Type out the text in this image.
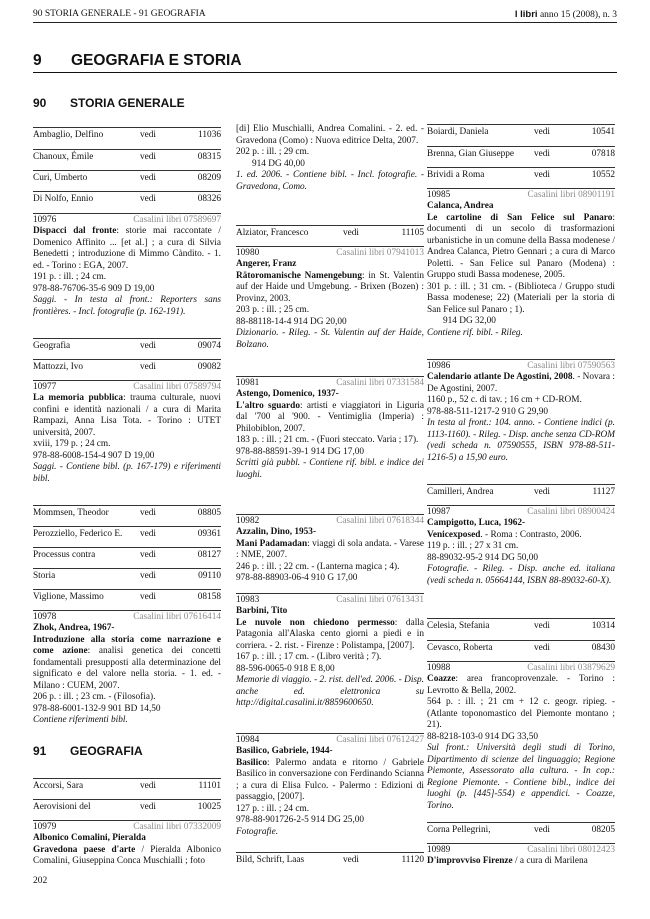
90 STORIA GENERALE - 91 GEOGRAFIA	l libri anno 15 (2008), n. 3
9 GEOGRAFIA E STORIA
90 STORIA GENERALE
Ambaglio, Delfino	vedi	11036
Chanoux, Émile	vedi	08315
Curi, Umberto	vedi	08209
Di Nolfo, Ennio	vedi	08326
10976	Casalini libri 07589697

Dispacci dal fronte: storie mai raccontate / Domenico Affinito ... [et al.] ; a cura di Silvia Benedetti ; introduzione di Mimmo Càndito. - 1. ed. - Torino : EGA, 2007.

191 p. : ill. ; 24 cm.

978-88-76706-35-6 909 D 19,00

Saggi. - In testa al front.: Reporters sans frontières. - Incl. fotografie (p. 162-191).

Geografia	vedi	09074
Mattozzi, Ivo	vedi	09082
10977	Casalini libri 07589794

La memoria pubblica: trauma culturale, nuovi confini e identità nazionali / a cura di Marita Rampazi, Anna Lisa Tota. - Torino : UTET università, 2007.

xviii, 179 p. ; 24 cm.

978-88-6008-154-4 907 D 19,00

Saggi. - Contiene bibl. (p. 167-179) e riferimenti bibl.

Mommsen, Theodor	vedi	08805
Perozziello, Federico E. vedi	09361
Processus contra	vedi	08127
Storia	vedi	09110
Viglione, Massimo	vedi	08158
10978	Casalini libri 07616414

Zhok, Andrea, 1967-

Introduzione alla storia come narrazione e come azione: analisi genetica dei concetti fondamentali presupposti alla determinazione del significato e del valore nella storia. - 1. ed. - Milano : CUEM, 2007.

206 p. : ill. ; 23 cm. - (Filosofia).

978-88-6001-132-9 901 BD 14,50

Contiene riferimenti bibl.

91 GEOGRAFIA
Accorsi, Sara	vedi	11101
Aerovisioni del	vedi	10025
10979	Casalini libri 07332009

Albonico Comalini, Pieralda

Gravedona paese d'arte / Pieralda Albonico Comalini, Giuseppina Conca Muschialli ; foto

202

[di] Elio Muschialli, Andrea Comalini. - 2. ed. - Gravedona (Como) : Nuova editrice Delta, 2007.

202 p. : ill. ; 29 cm.

914 DG 40,00

1. ed. 2006. - Contiene bibl. - Incl. fotografie. - Gravedona, Como.

Alziator, Francesco	vedi	11105
10980	Casalini libri 07941013

Angerer, Franz

Rätoromanische Namengebung: in St. Valentin auf der Haide und Umgebung. - Brixen (Bozen) : Provinz, 2003.

203 p. : ill. ; 25 cm.

88-88118-14-4 914 DG 20,00

Dizionario. - Rileg. - St. Valentin auf der Haide, Bolzano.

10981	Casalini libri 07331584

Astengo, Domenico, 1937-

L'altro sguardo: artisti e viaggiatori in Liguria dal '700 al '900. - Ventimiglia (Imperia) : Philobiblon, 2007.

183 p. : ill. ; 21 cm. - (Fuori steccato. Varia ; 17).

978-88-88591-39-1 914 DG 17,00

Scritti già pubbl. - Contiene rif. bibl. e indice dei luoghi.

10982	Casalini libri 07618344

Azzalin, Dino, 1953-

Mani Padamadan: viaggi di sola andata. - Varese : NME, 2007.

246 p. : ill. ; 22 cm. - (Lanterna magica ; 4).

978-88-88903-06-4 910 G 17,00

10983	Casalini libri 07613431

Barbini, Tito

Le nuvole non chiedono permesso: dalla Patagonia all'Alaska cento giorni a piedi e in corriera. - 2. rist. - Firenze : Polistampa, [2007].

167 p. : ill. ; 17 cm. - (Libro verità ; 7).

88-596-0065-0 918 E 8,00

Memorie di viaggio. - 2. rist. dell'ed. 2006. - Disp. anche ed. elettronica su http://digital.casalini.it/8859600650.

10984	Casalini libri 07612427

Basilico, Gabriele, 1944-

Basilico: Palermo andata e ritorno / Gabriele Basilico in conversazione con Ferdinando Scianna ; a cura di Elisa Fulco. - Palermo : Edizioni di passaggio, [2007].

127 p. : ill. ; 24 cm.

978-88-901726-2-5 914 DG 25,00

Fotografie.

Bild, Schrift, Laas	vedi	11120
Boiardi, Daniela	vedi	10541
Brenna, Gian Giuseppe vedi	07818
Brividi a Roma	vedi	10552
10985	Casalini libri 08901191

Calanca, Andrea

Le cartoline di San Felice sul Panaro: documenti di un secolo di trasformazioni urbanistiche in un comune della Bassa modenese / Andrea Calanca, Pietro Gennari ; a cura di Marco Poletti. - San Felice sul Panaro (Modena) : Gruppo studi Bassa modenese, 2005.

301 p. : ill. ; 31 cm. - (Biblioteca / Gruppo studi Bassa modenese; 22) (Materiali per la storia di San Felice sul Panaro ; 1).

914 DG 32,00

Contiene rif. bibl. - Rileg.

10986	Casalini libri 07590563

Calendario atlante De Agostini, 2008. - Novara : De Agostini, 2007.

1160 p., 52 c. di tav. ; 16 cm + CD-ROM.

978-88-511-1217-2 910 G 29,90

In testa al front.: 104. anno. - Contiene indici (p. 1113-1160). - Rileg. - Disp. anche senza CD-ROM (vedi scheda n. 07590555, ISBN 978-88-511-1216-5) a 15,90 euro.

Camilleri, Andrea	vedi	11127
10987	Casalini libri 08900424

Campigotto, Luca, 1962-

Venicexposed. - Roma : Contrasto, 2006.

119 p. : ill. ; 27 x 31 cm.

88-89032-95-2 914 DG 50,00

Fotografie. - Rileg. - Disp. anche ed. italiana (vedi scheda n. 05664144, ISBN 88-89032-60-X).

Celesia, Stefania	vedi	10314
Cevasco, Roberta	vedi	08430
10988	Casalini libri 03879629

Coazze: area francoprovenzale. - Torino : Levrotto & Bella, 2002.

564 p. : ill. ; 21 cm + 12 c. geogr. ripieg. - (Atlante toponomastico del Piemonte montano ; 21).

88-8218-103-0 914 DG 33,50

Sul front.: Università degli studi di Torino, Dipartimento di scienze del linguaggio; Regione Piemonte, Assessorato alla cultura. - In cop.: Regione Piemonte. - Contiene bibl., indice dei luoghi (p. [445]-554) e appendici. - Coazze, Torino.

Corna Pellegrini,	vedi	08205
10989	Casalini libri 08012423

D'improvviso Firenze / a cura di Marilena
